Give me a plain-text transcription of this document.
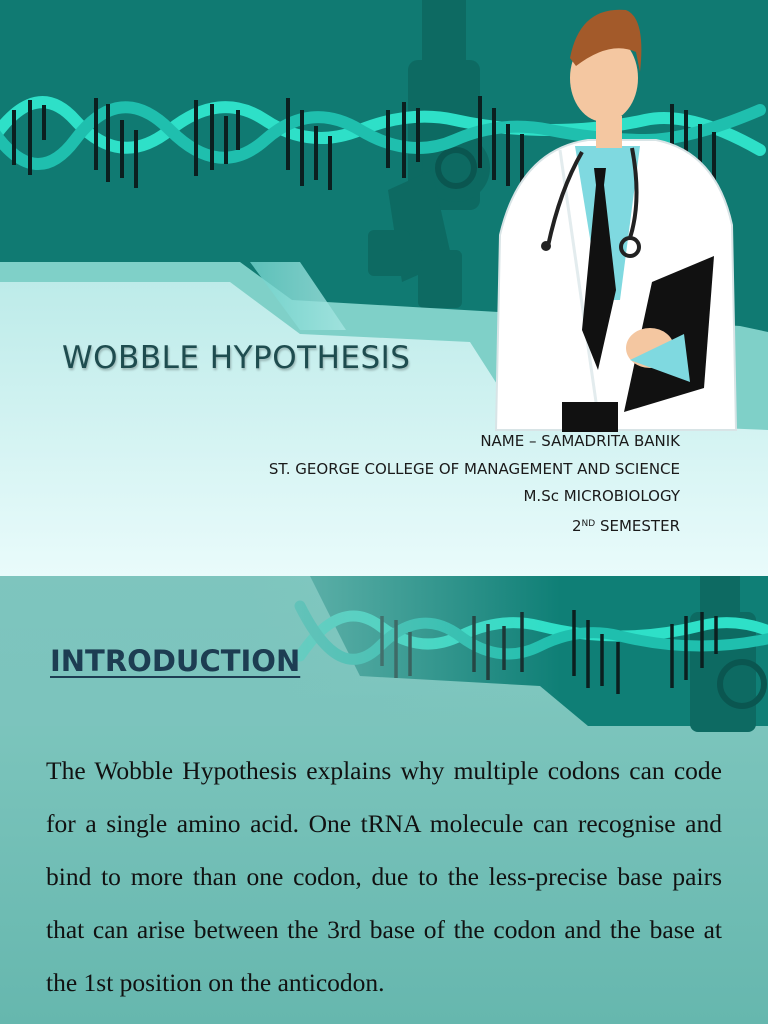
WOBBLE HYPOTHESIS
NAME – SAMADRITA BANIK
ST. GEORGE COLLEGE OF MANAGEMENT AND SCIENCE
M.Sc MICROBIOLOGY
2ND SEMESTER
INTRODUCTION

The Wobble Hypothesis explains why multiple codons can code for a single amino acid. One tRNA molecule can recognise and bind to more than one codon, due to the less-precise base pairs that can arise between the 3rd base of the codon and the base at the 1st position on the anticodon.
